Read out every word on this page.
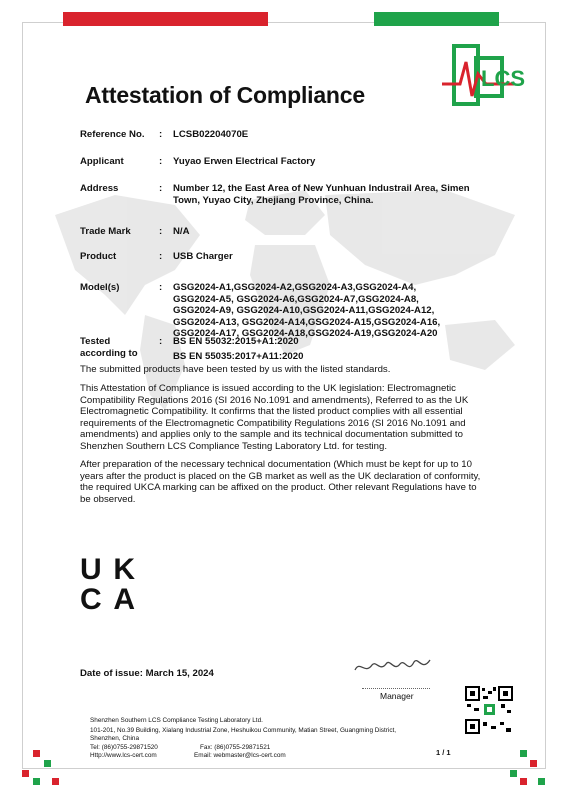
LCS
Attestation of Compliance
Reference No.	: LCSB02204070E
Applicant	: Yuyao Erwen Electrical Factory
Address	: Number 12, the East Area of New Yunhuan Industrail Area, Simen Town, Yuyao City, Zhejiang Province, China.
Trade Mark	: N/A
Product	: USB Charger
Model(s)	: GSG2024-A1,GSG2024-A2,GSG2024-A3,GSG2024-A4, GSG2024-A5, GSG2024-A6,GSG2024-A7,GSG2024-A8, GSG2024-A9, GSG2024-A10,GSG2024-A11,GSG2024-A12, GSG2024-A13, GSG2024-A14,GSG2024-A15,GSG2024-A16, GSG2024-A17, GSG2024-A18,GSG2024-A19,GSG2024-A20
Tested
according to
: BS EN 55032:2015+A1:2020
BS EN 55035:2017+A11:2020
The submitted products have been tested by us with the listed standards.
This Attestation of Compliance is issued according to the UK legislation: Electromagnetic Compatibility Regulations 2016 (SI 2016 No.1091 and amendments), Referred to as the UK Electromagnetic Compatibility. It confirms that the listed product complies with all essential requirements of the Electromagnetic Compatibility Regulations 2016 (SI 2016 No.1091 and amendments) and applies only to the sample and its technical documentation submitted to Shenzhen Southern LCS Compliance Testing Laboratory Ltd. for testing.
After preparation of the necessary technical documentation (Which must be kept for up to 10 years after the product is placed on the GB market as well as the UK declaration of conformity, the required UKCA marking can be affixed on the product. Other relevant Regulations have to be observed.
UK
CA
Date of issue: March 15, 2024
Manager
Shenzhen Southern LCS Compliance Testing Laboratory Ltd.
101-201, No.39 Building, Xialang Industrial Zone, Heshuikou Community, Matian Street, Guangming District,
Shenzhen, China
Tel: (86)0755-29871520	Fax: (86)0755-29871521
Http://www.lcs-cert.com	Email: webmaster@lcs-cert.com	1 / 1
